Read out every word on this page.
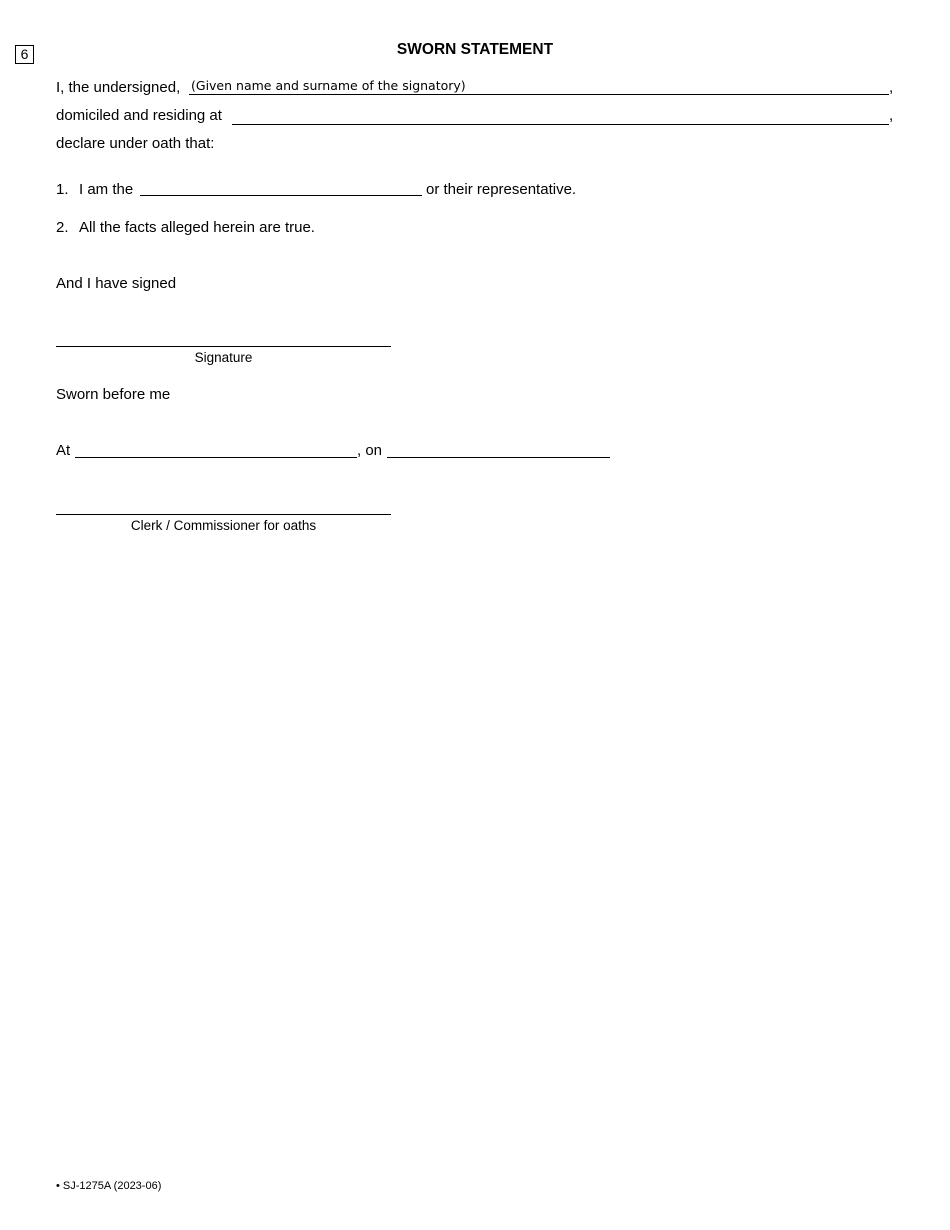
6	SWORN STATEMENT
I, the undersigned,
(Given name and surname of the signatory)	,
domiciled and residing at	,
declare under oath that:
1. I am the	or their representative.
2. All the facts alleged herein are true.
And I have signed
Signature
Sworn before me
At	, on
Clerk / Commissioner for oaths
• SJ-1275A (2023-06)
